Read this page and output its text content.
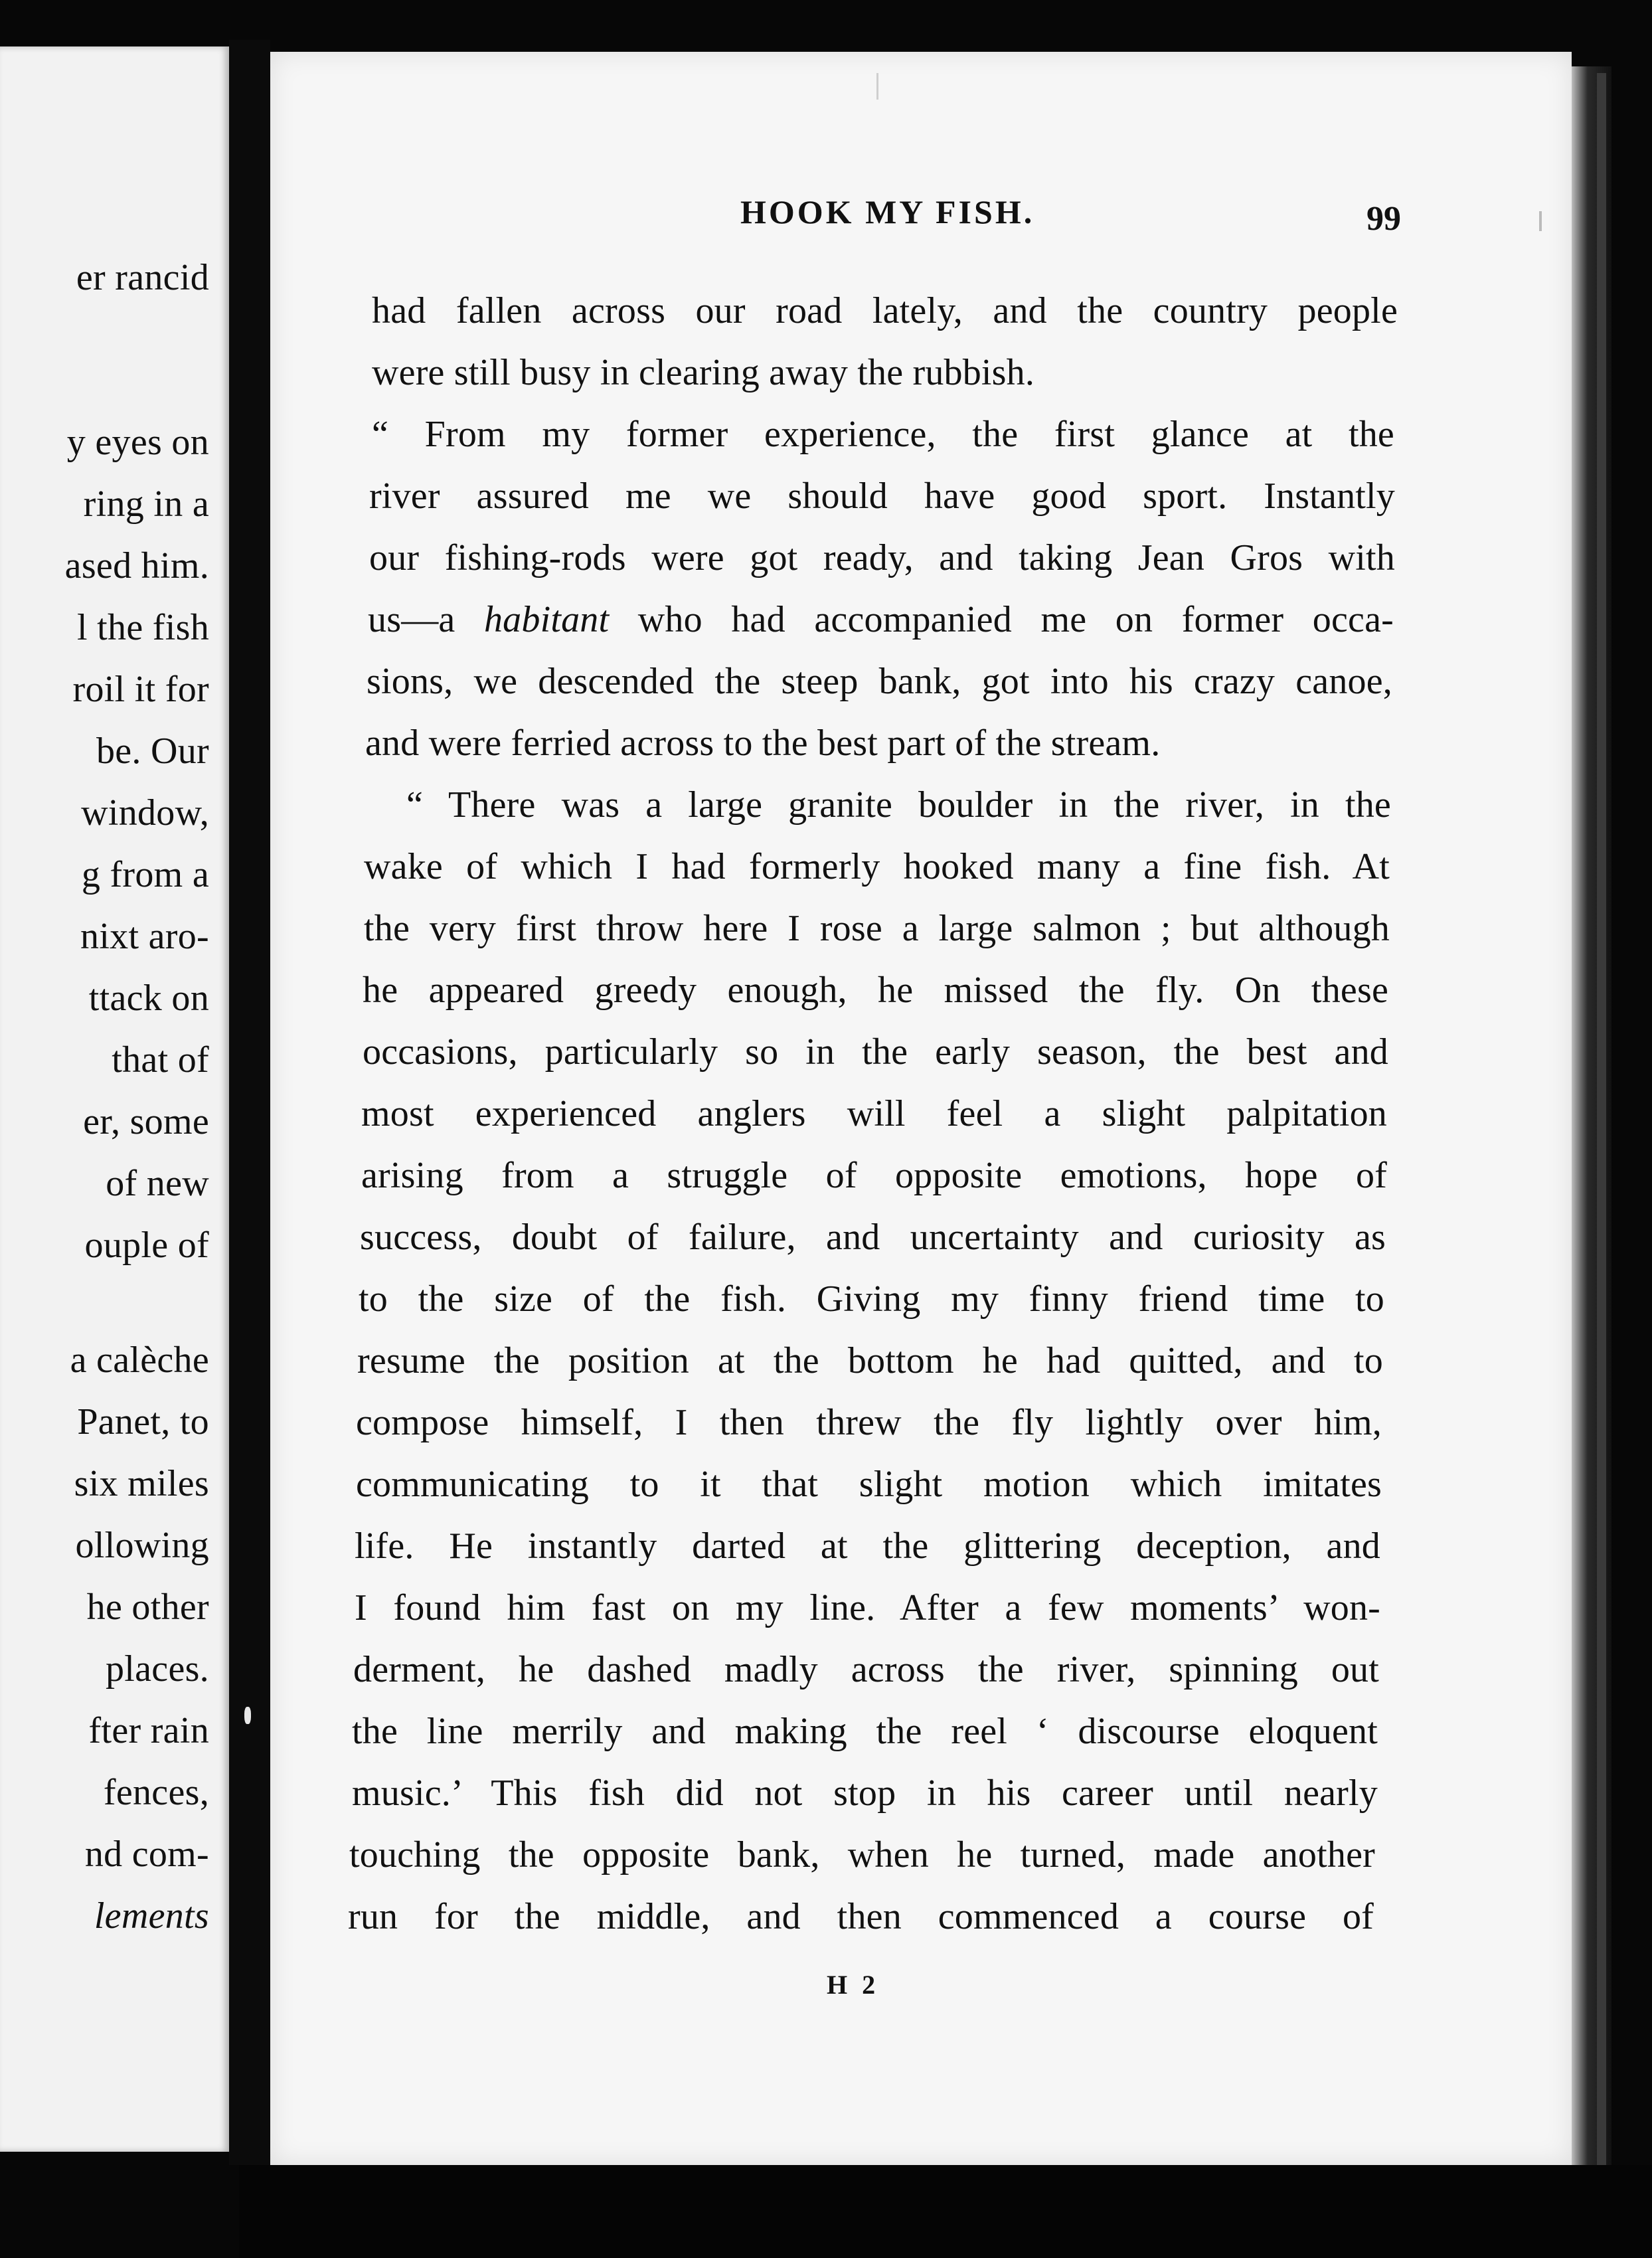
er rancid
y eyes on
ring in a
ased him.
l the fish
roil it for
be. Our
window,
g from a
nixt aro-
ttack on
that of
er, some
of new
ouple of
a calèche
Panet, to
six miles
ollowing
he other
places.
fter rain
fences,
nd com-
lements
HOOK MY FISH.	99
had fallen across our road lately, and the country people
were still busy in clearing away the rubbish.
“ From my former experience, the first glance at the
river assured me we should have good sport. Instantly
our fishing-rods were got ready, and taking Jean Gros with
us—a habitant who had accompanied me on former occa-
sions, we descended the steep bank, got into his crazy canoe,
and were ferried across to the best part of the stream.
“ There was a large granite boulder in the river, in the
wake of which I had formerly hooked many a fine fish. At
the very first throw here I rose a large salmon ; but although
he appeared greedy enough, he missed the fly. On these
occasions, particularly so in the early season, the best and
most experienced anglers will feel a slight palpitation
arising from a struggle of opposite emotions, hope of
success, doubt of failure, and uncertainty and curiosity as
to the size of the fish. Giving my finny friend time to
resume the position at the bottom he had quitted, and to
compose himself, I then threw the fly lightly over him,
communicating to it that slight motion which imitates
life. He instantly darted at the glittering deception, and
I found him fast on my line. After a few moments’ won-
derment, he dashed madly across the river, spinning out
the line merrily and making the reel ‘ discourse eloquent
music.’ This fish did not stop in his career until nearly
touching the opposite bank, when he turned, made another
run for the middle, and then commenced a course of
H 2
